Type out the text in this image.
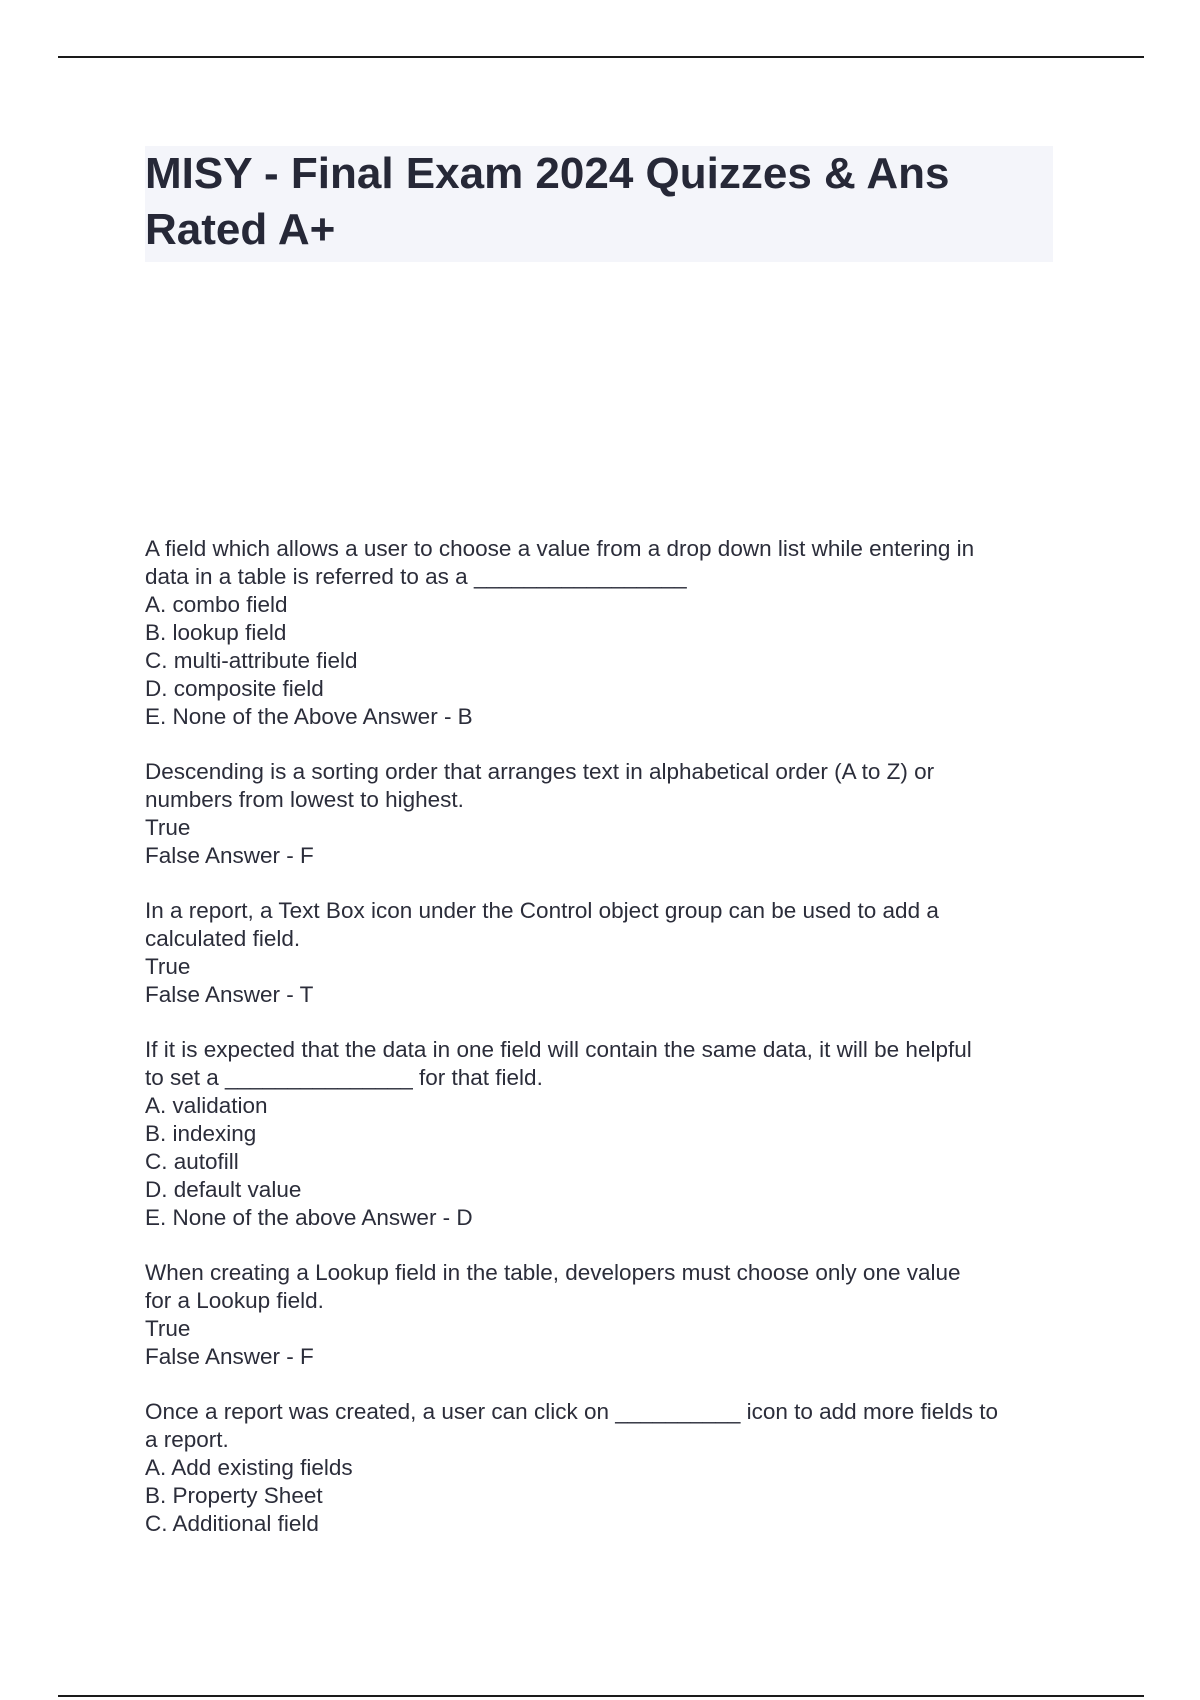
MISY - Final Exam 2024 Quizzes & Ans
Rated A+
A field which allows a user to choose a value from a drop down list while entering in
data in a table is referred to as a _________________
A. combo field
B. lookup field
C. multi-attribute field
D. composite field
E. None of the Above Answer - B
Descending is a sorting order that arranges text in alphabetical order (A to Z) or
numbers from lowest to highest.
True
False Answer - F
In a report, a Text Box icon under the Control object group can be used to add a
calculated field.
True
False Answer - T
If it is expected that the data in one field will contain the same data, it will be helpful
to set a _______________ for that field.
A. validation
B. indexing
C. autofill
D. default value
E. None of the above Answer - D
When creating a Lookup field in the table, developers must choose only one value
for a Lookup field.
True
False Answer - F
Once a report was created, a user can click on __________ icon to add more fields to
a report.
A. Add existing fields
B. Property Sheet
C. Additional field
